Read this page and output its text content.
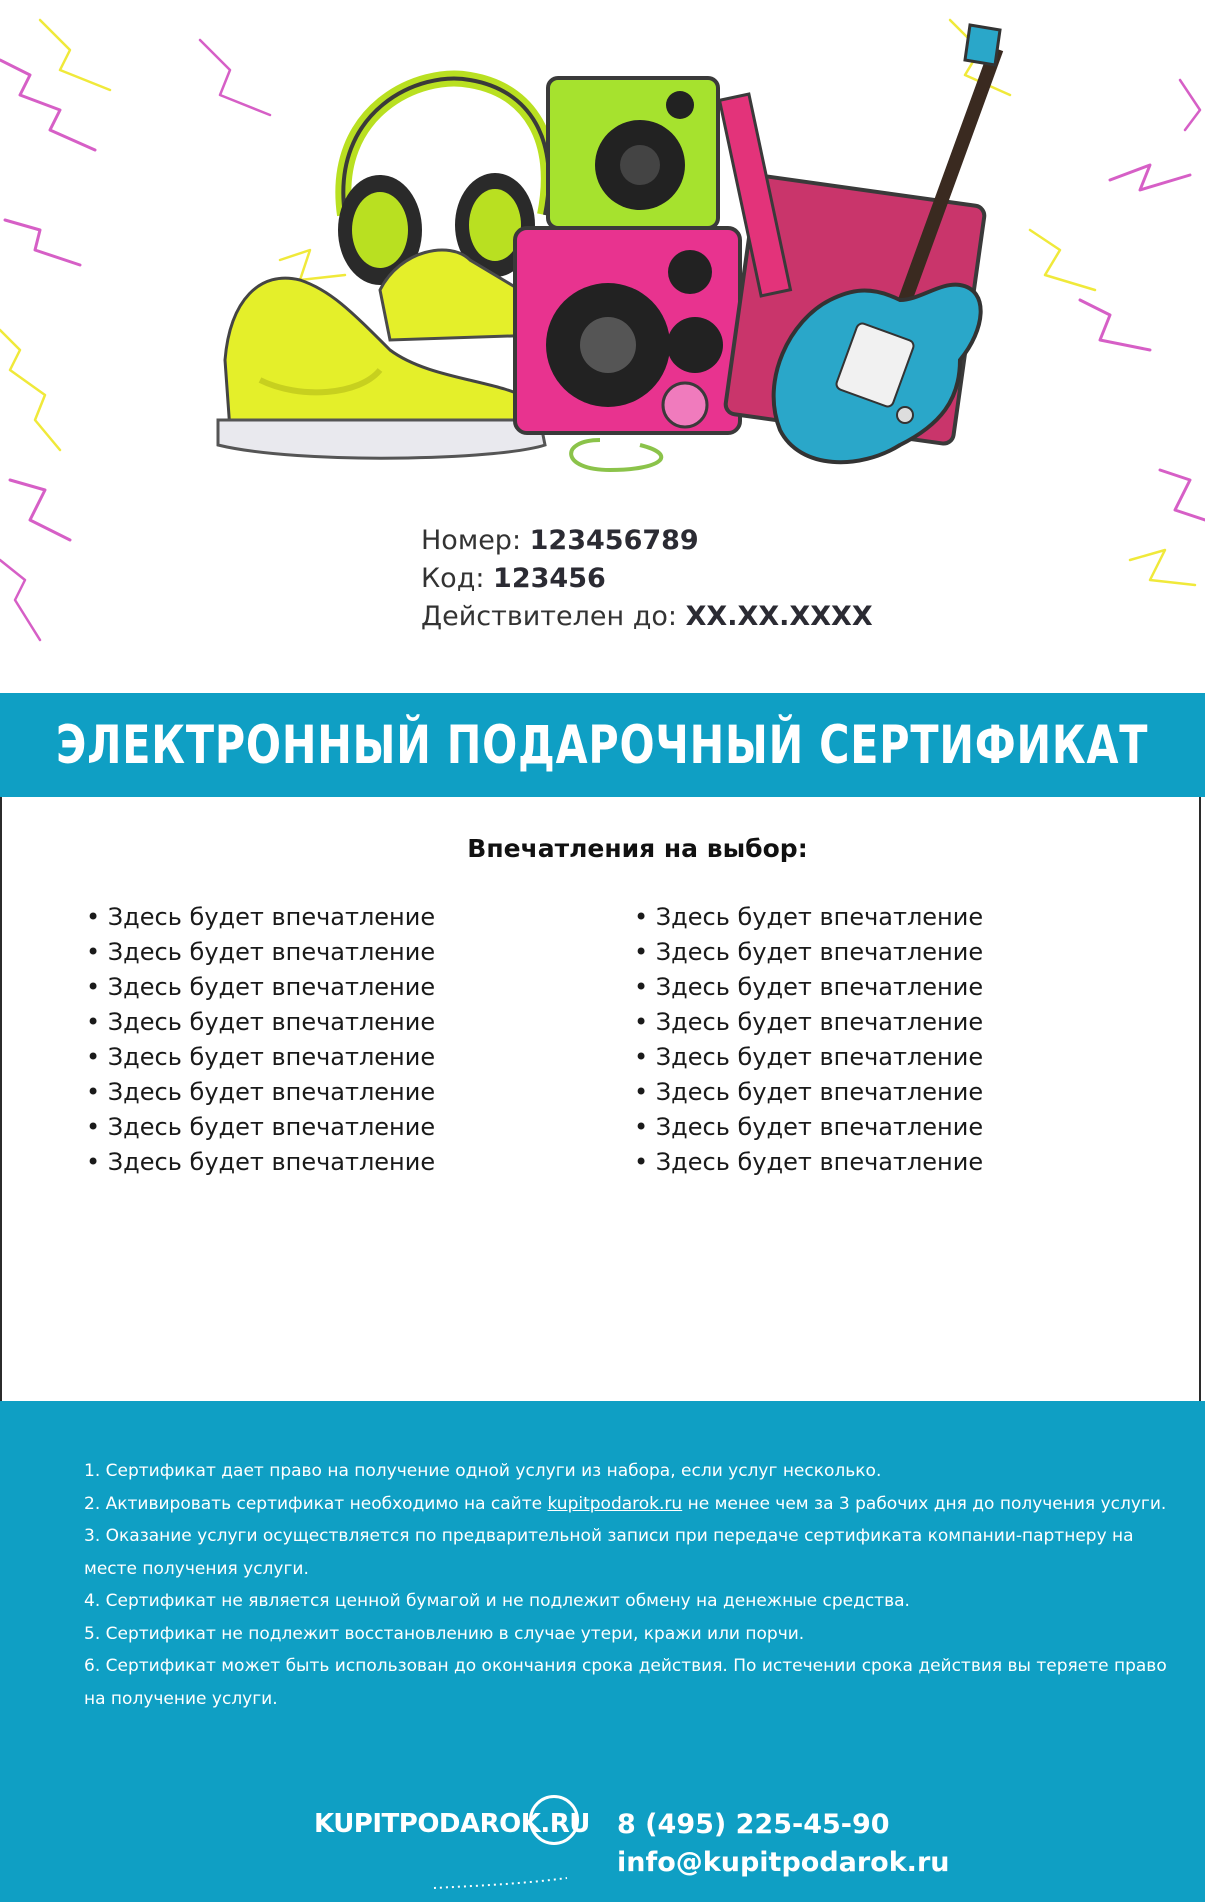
Номер: 123456789
Код: 123456
Действителен до: XX.XX.XXXX
ЭЛЕКТРОННЫЙ ПОДАРОЧНЫЙ СЕРТИФИКАТ
Впечатления на выбор:
• Здесь будет впечатление
• Здесь будет впечатление
• Здесь будет впечатление
• Здесь будет впечатление
• Здесь будет впечатление
• Здесь будет впечатление
• Здесь будет впечатление
• Здесь будет впечатление
• Здесь будет впечатление
• Здесь будет впечатление
• Здесь будет впечатление
• Здесь будет впечатление
• Здесь будет впечатление
• Здесь будет впечатление
• Здесь будет впечатление
• Здесь будет впечатление

1. Сертификат дает право на получение одной услуги из набора, если услуг несколько.

2. Активировать сертификат необходимо на сайте kupitpodarok.ru не менее чем за 3 рабочих дня до получения услуги.

3. Оказание услуги осуществляется по предварительной записи при передаче сертификата компании-партнеру на месте получения услуги.

4. Сертификат не является ценной бумагой и не подлежит обмену на денежные средства.

5. Сертификат не подлежит восстановлению в случае утери, кражи или порчи.

6. Сертификат может быть использован до окончания срока действия. По истечении срока действия вы теряете право на получение услуги.

KUPITPODAROK.RU 8 (495) 225-45-90
info@kupitpodarok.ru
